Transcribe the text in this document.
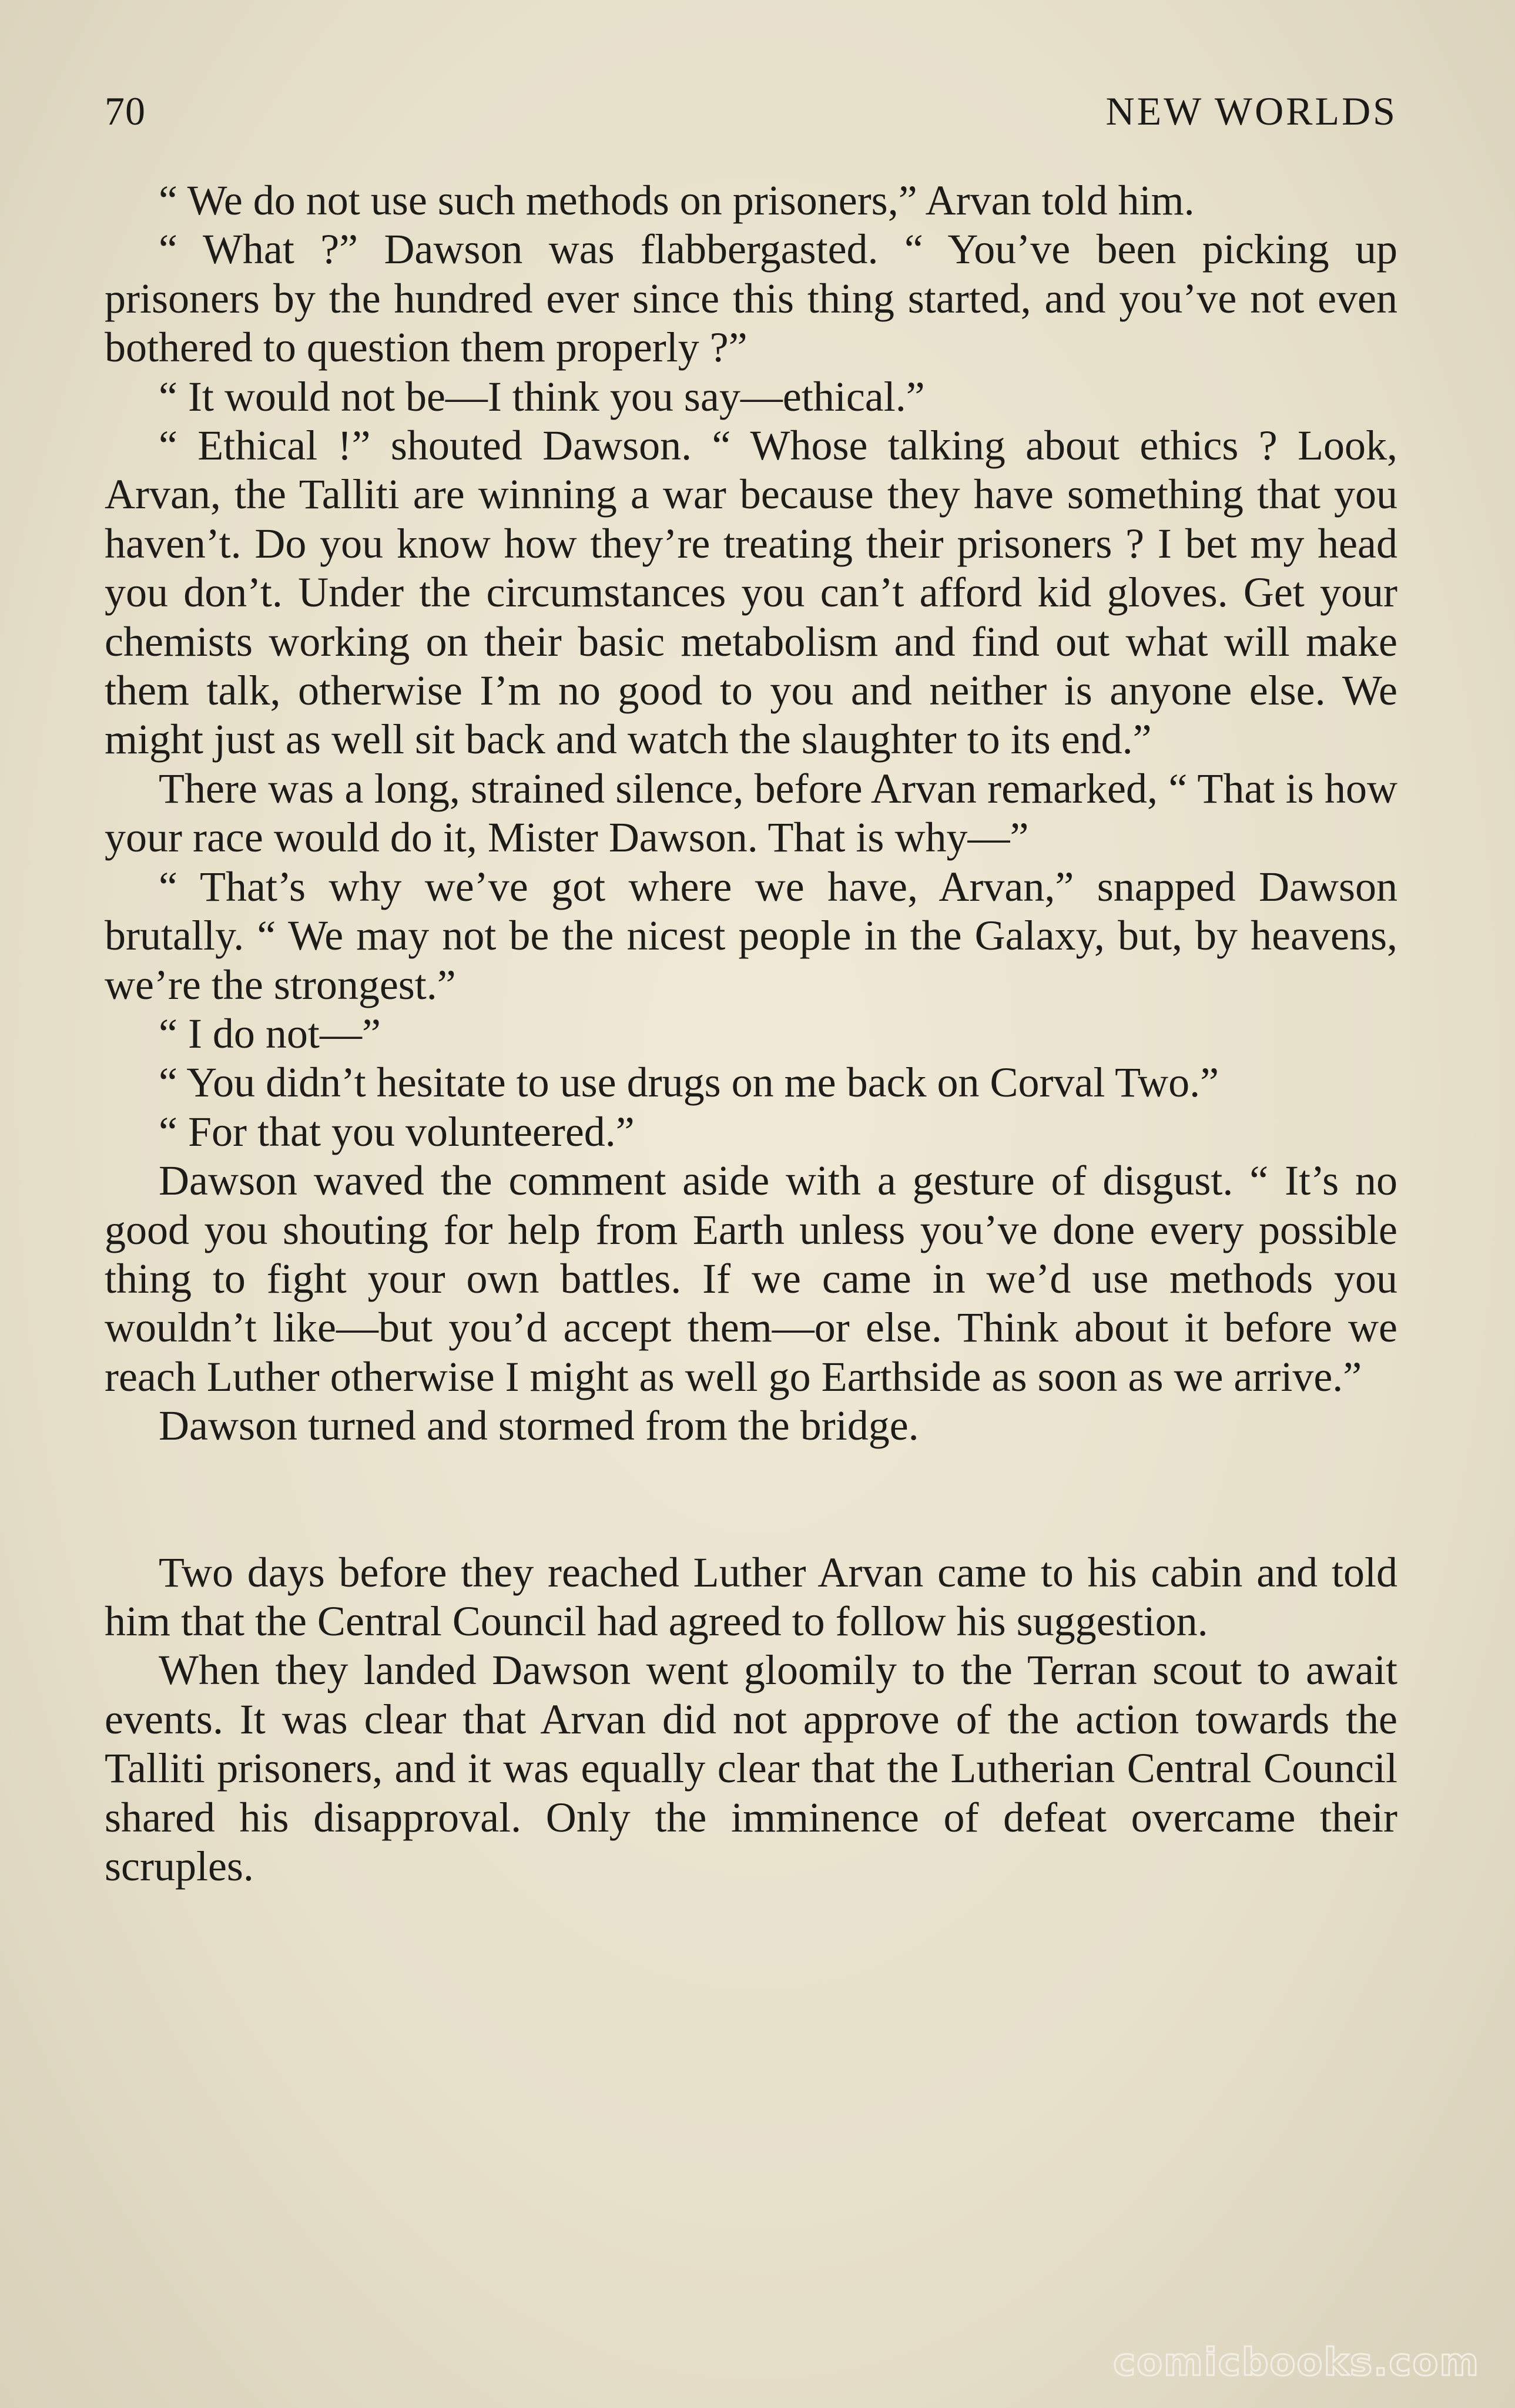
70	NEW WORLDS

“ We do not use such methods on prisoners,” Arvan told him.

“ What ?” Dawson was flabbergasted. “ You’ve been picking up prisoners by the hundred ever since this thing started, and you’ve not even bothered to question them properly ?”

“ It would not be—I think you say—ethical.”

“ Ethical !” shouted Dawson. “ Whose talking about ethics ? Look, Arvan, the Talliti are winning a war because they have something that you haven’t. Do you know how they’re treating their prisoners ? I bet my head you don’t. Under the circumstances you can’t afford kid gloves. Get your chemists working on their basic metabolism and find out what will make them talk, otherwise I’m no good to you and neither is anyone else. We might just as well sit back and watch the slaughter to its end.”

There was a long, strained silence, before Arvan remarked, “ That is how your race would do it, Mister Dawson. That is why—”

“ That’s why we’ve got where we have, Arvan,” snapped Dawson brutally. “ We may not be the nicest people in the Galaxy, but, by heavens, we’re the strongest.”

“ I do not—”

“ You didn’t hesitate to use drugs on me back on Corval Two.”

“ For that you volunteered.”

Dawson waved the comment aside with a gesture of disgust. “ It’s no good you shouting for help from Earth unless you’ve done every possible thing to fight your own battles. If we came in we’d use methods you wouldn’t like—but you’d accept them—or else. Think about it before we reach Luther otherwise I might as well go Earthside as soon as we arrive.”

Dawson turned and stormed from the bridge.

Two days before they reached Luther Arvan came to his cabin and told him that the Central Council had agreed to follow his suggestion.

When they landed Dawson went gloomily to the Terran scout to await events. It was clear that Arvan did not approve of the action towards the Talliti prisoners, and it was equally clear that the Lutherian Central Council shared his disapproval. Only the imminence of defeat overcame their scruples.

comicbooks.com
